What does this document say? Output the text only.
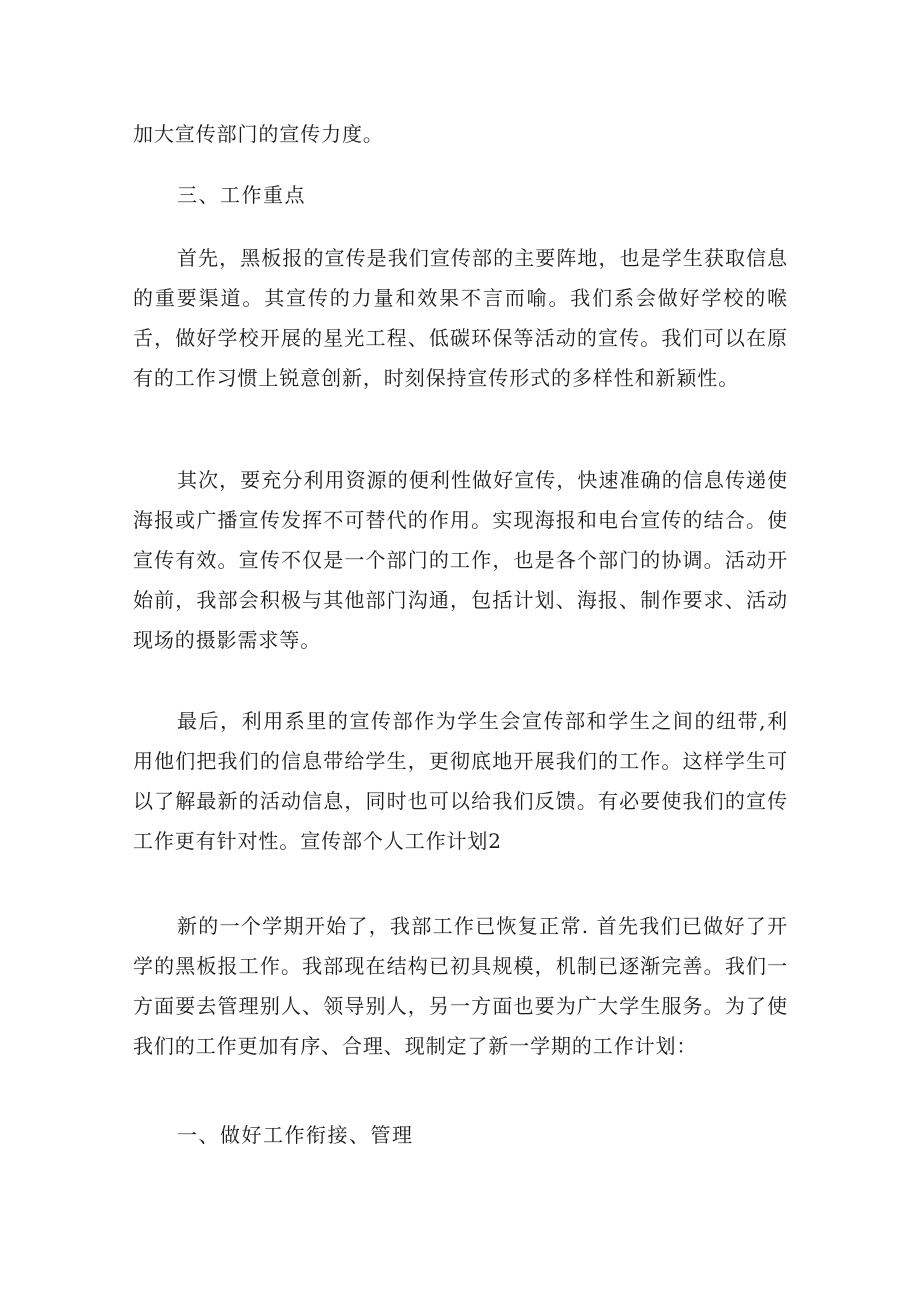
加大宣传部门的宣传力度。

三、工作重点

首先，黑板报的宣传是我们宣传部的主要阵地，也是学生获取信息的重要渠道。其宣传的力量和效果不言而喻。我们系会做好学校的喉舌，做好学校开展的星光工程、低碳环保等活动的宣传。我们可以在原有的工作习惯上锐意创新，时刻保持宣传形式的多样性和新颖性。

其次，要充分利用资源的便利性做好宣传，快速准确的信息传递使海报或广播宣传发挥不可替代的作用。实现海报和电台宣传的结合。使宣传有效。宣传不仅是一个部门的工作，也是各个部门的协调。活动开始前，我部会积极与其他部门沟通，包括计划、海报、制作要求、活动现场的摄影需求等。

最后，利用系里的宣传部作为学生会宣传部和学生之间的纽带,利用他们把我们的信息带给学生，更彻底地开展我们的工作。这样学生可以了解最新的活动信息，同时也可以给我们反馈。有必要使我们的宣传工作更有针对性。宣传部个人工作计划2

新的一个学期开始了，我部工作已恢复正常. 首先我们已做好了开学的黑板报工作。我部现在结构已初具规模，机制已逐渐完善。我们一方面要去管理别人、领导别人，另一方面也要为广大学生服务。为了使我们的工作更加有序、合理、现制定了新一学期的工作计划：

一、做好工作衔接、管理
